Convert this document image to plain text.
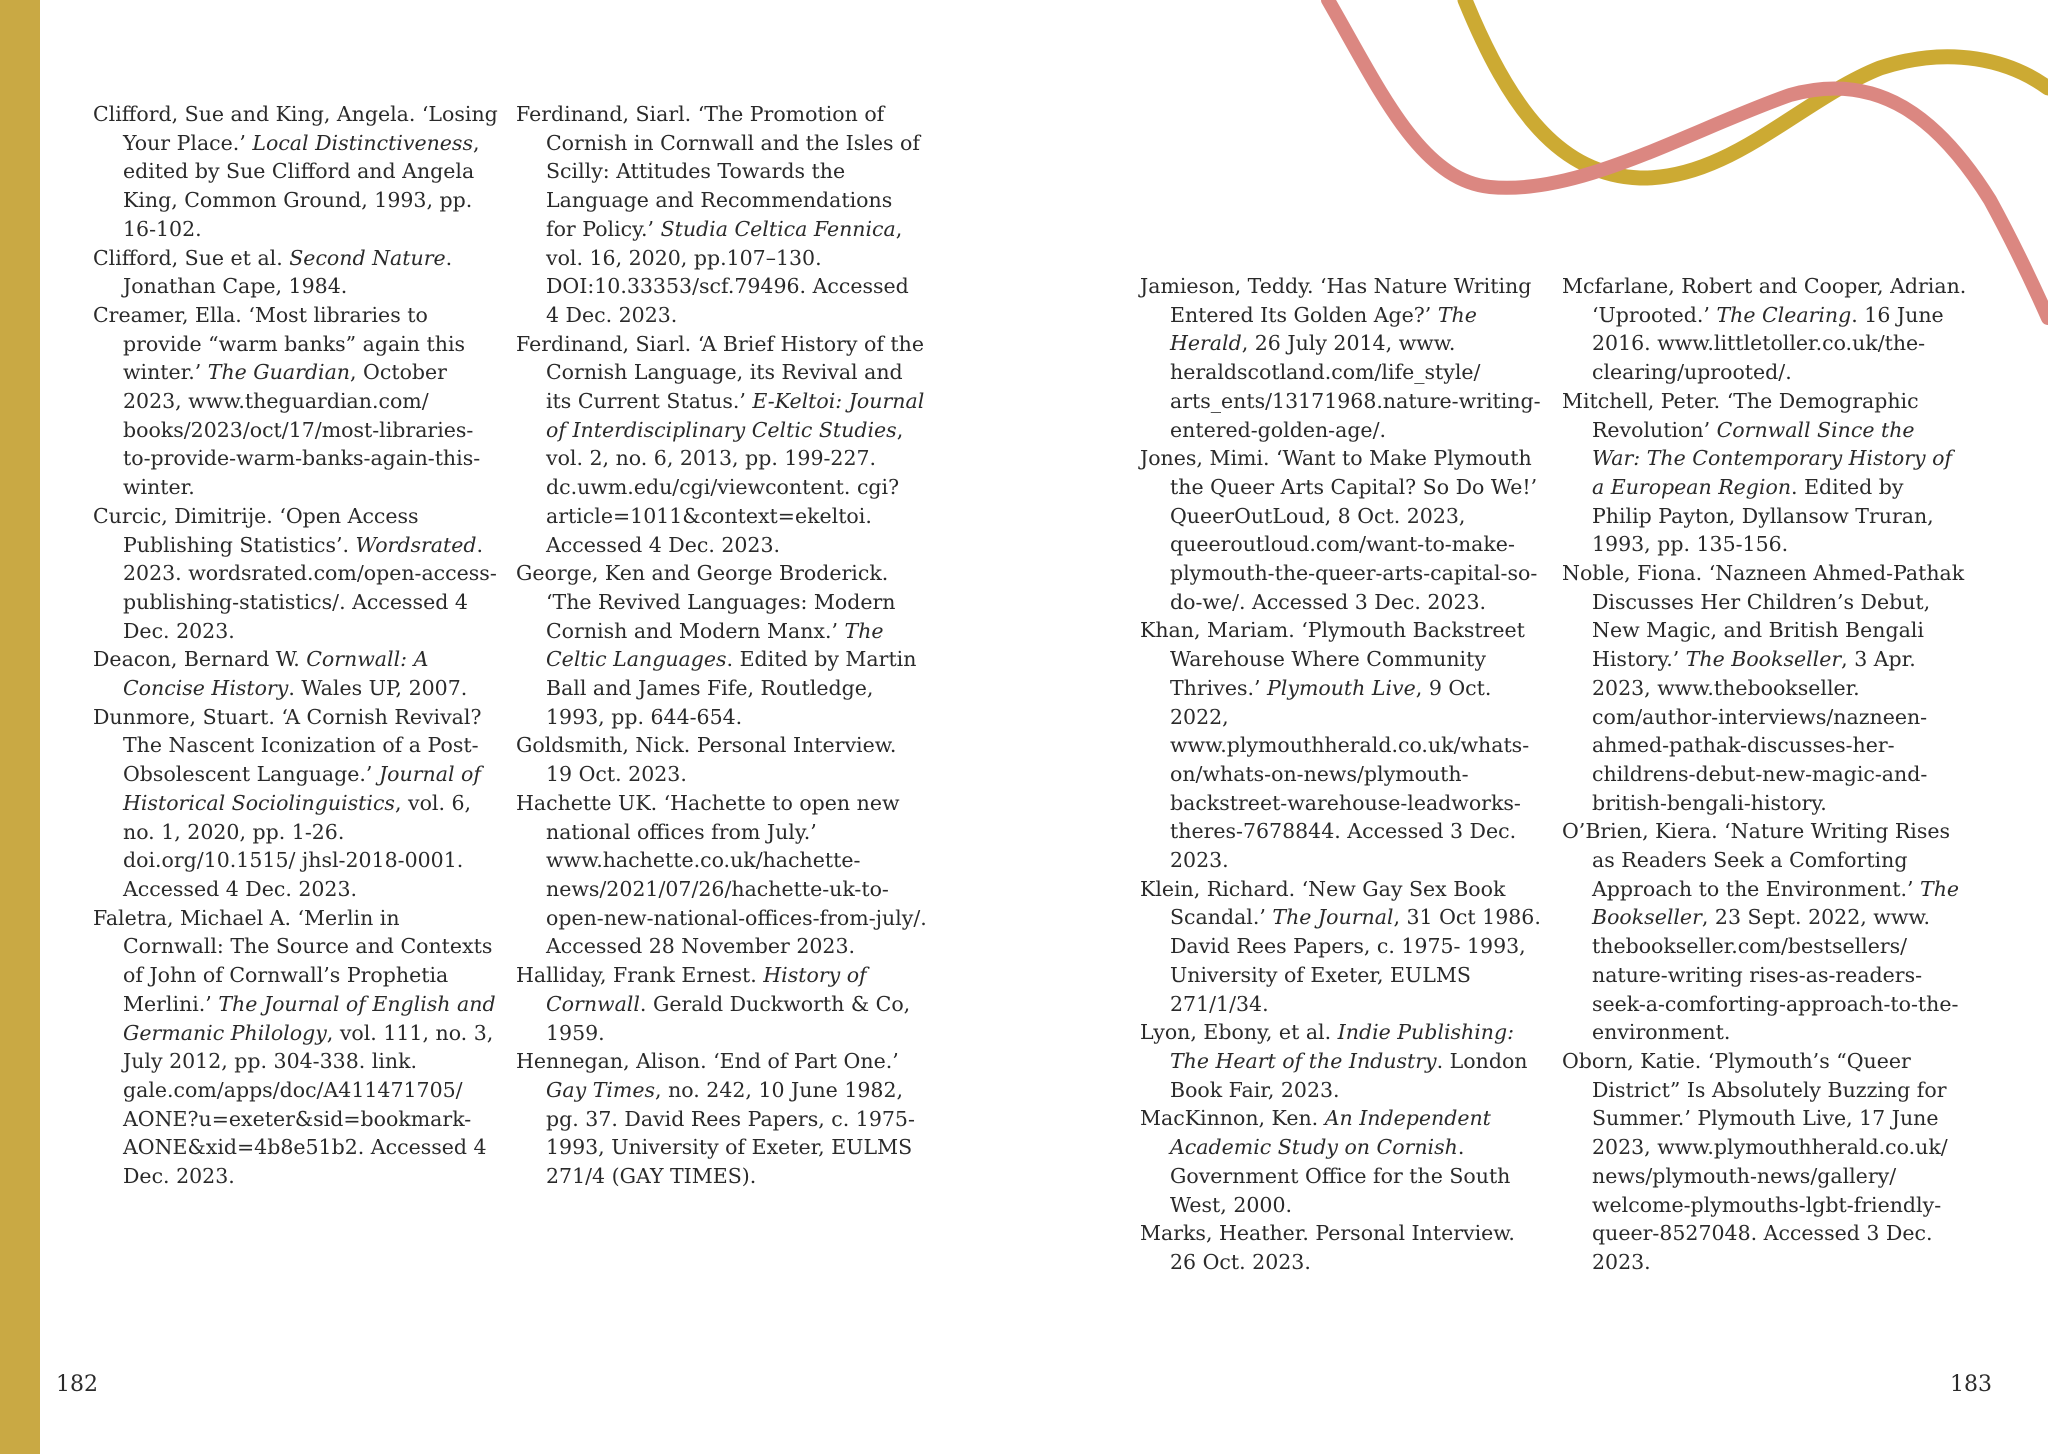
Clifford, Sue and King, Angela. ‘Losing Your Place.’ Local Distinctiveness, edited by Sue Clifford and Angela King, Common Ground, 1993, pp. 16-102.
Clifford, Sue et al. Second Nature. Jonathan Cape, 1984.
Creamer, Ella. ‘Most libraries to provide “warm banks” again this winter.’ The Guardian, October 2023, www.theguardian.com/ books/2023/oct/17/most-libraries-to-provide-warm-banks-again-this-winter.
Curcic, Dimitrije. ‘Open Access Publishing Statistics’. Wordsrated. 2023. wordsrated.com/open-access-publishing-statistics/. Accessed 4 Dec. 2023.
Deacon, Bernard W. Cornwall: A Concise History. Wales UP, 2007.
Dunmore, Stuart. ‘A Cornish Revival? The Nascent Iconization of a Post-Obsolescent Language.’ Journal of Historical Sociolinguistics, vol. 6, no. 1, 2020, pp. 1-26. doi.org/10.1515/ jhsl-2018-0001. Accessed 4 Dec. 2023.
Faletra, Michael A. ‘Merlin in Cornwall: The Source and Contexts of John of Cornwall’s Prophetia Merlini.’ The Journal of English and Germanic Philology, vol. 111, no. 3, July 2012, pp. 304-338. link. gale.com/apps/doc/A411471705/ AONE?u=exeter&sid=bookmark-AONE&xid=4b8e51b2. Accessed 4 Dec. 2023.
Ferdinand, Siarl. ‘The Promotion of Cornish in Cornwall and the Isles of Scilly: Attitudes Towards the Language and Recommendations for Policy.’ Studia Celtica Fennica, vol. 16, 2020, pp.107–130. DOI:10.33353/scf.79496. Accessed 4 Dec. 2023.
Ferdinand, Siarl. ‘A Brief History of the Cornish Language, its Revival and its Current Status.’ E-Keltoi: Journal of Interdisciplinary Celtic Studies, vol. 2, no. 6, 2013, pp. 199-227. dc.uwm.edu/cgi/viewcontent. cgi?article=1011&context=ekeltoi. Accessed 4 Dec. 2023.
George, Ken and George Broderick. ‘The Revived Languages: Modern Cornish and Modern Manx.’ The Celtic Languages. Edited by Martin Ball and James Fife, Routledge, 1993, pp. 644-654.
Goldsmith, Nick. Personal Interview. 19 Oct. 2023.
Hachette UK. ‘Hachette to open new national offices from July.’ www.hachette.co.uk/hachette-news/2021/07/26/hachette-uk-to-open-new-national-offices-from-july/. Accessed 28 November 2023.
Halliday, Frank Ernest. History of Cornwall. Gerald Duckworth & Co, 1959.
Hennegan, Alison. ‘End of Part One.’ Gay Times, no. 242, 10 June 1982, pg. 37. David Rees Papers, c. 1975- 1993, University of Exeter, EULMS 271/4 (GAY TIMES).
Jamieson, Teddy. ‘Has Nature Writing Entered Its Golden Age?’ The Herald, 26 July 2014, www. heraldscotland.com/life_style/ arts_ents/13171968.nature-writing-entered-golden-age/.
Jones, Mimi. ‘Want to Make Plymouth the Queer Arts Capital? So Do We!’ QueerOutLoud, 8 Oct. 2023, queeroutloud.com/want-to-make-plymouth-the-queer-arts-capital-so-do-we/. Accessed 3 Dec. 2023.
Khan, Mariam. ‘Plymouth Backstreet Warehouse Where Community Thrives.’ Plymouth Live, 9 Oct. 2022, www.plymouthherald.co.uk/whats-on/whats-on-news/plymouth-backstreet-warehouse-leadworks-theres-7678844. Accessed 3 Dec. 2023.
Klein, Richard. ‘New Gay Sex Book Scandal.’ The Journal, 31 Oct 1986. David Rees Papers, c. 1975- 1993, University of Exeter, EULMS 271/1/34.
Lyon, Ebony, et al. Indie Publishing: The Heart of the Industry. London Book Fair, 2023.
MacKinnon, Ken. An Independent Academic Study on Cornish. Government Office for the South West, 2000.
Marks, Heather. Personal Interview. 26 Oct. 2023.
Mcfarlane, Robert and Cooper, Adrian. ‘Uprooted.’ The Clearing. 16 June 2016. www.littletoller.co.uk/the-clearing/uprooted/.
Mitchell, Peter. ‘The Demographic Revolution’ Cornwall Since the War: The Contemporary History of a European Region. Edited by Philip Payton, Dyllansow Truran, 1993, pp. 135-156.
Noble, Fiona. ‘Nazneen Ahmed-Pathak Discusses Her Children’s Debut, New Magic, and British Bengali History.’ The Bookseller, 3 Apr. 2023, www.thebookseller. com/author-interviews/nazneen-ahmed-pathak-discusses-her-childrens-debut-new-magic-and-british-bengali-history.
O’Brien, Kiera. ‘Nature Writing Rises as Readers Seek a Comforting Approach to the Environment.’ The Bookseller, 23 Sept. 2022, www. thebookseller.com/bestsellers/ nature-writing rises-as-readers-seek-a-comforting-approach-to-the-environment.
Oborn, Katie. ‘Plymouth’s “Queer District” Is Absolutely Buzzing for Summer.’ Plymouth Live, 17 June 2023, www.plymouthherald.co.uk/ news/plymouth-news/gallery/ welcome-plymouths-lgbt-friendly-queer-8527048. Accessed 3 Dec. 2023.
182	183
